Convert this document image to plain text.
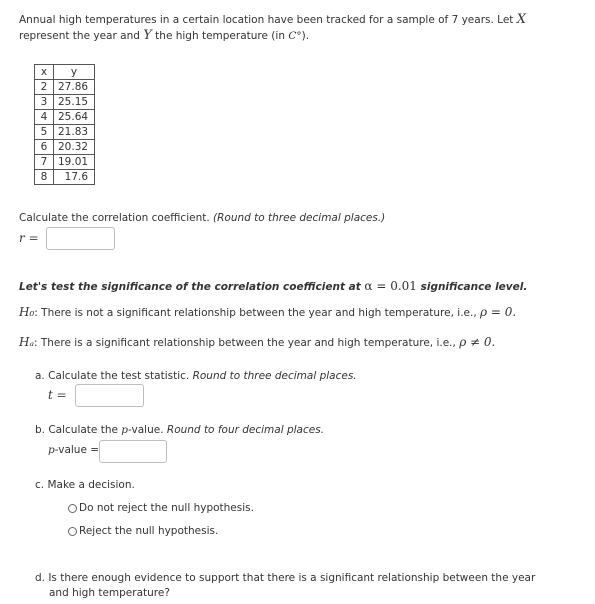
Annual high temperatures in a certain location have been tracked for a sample of 7 years. Let X
represent the year and Y the high temperature (in C°).
x	y
2	27.86
3	25.15
4	25.64
5	21.83
6	20.32
7	19.01
8	17.6
Calculate the correlation coefficient. (Round to three decimal places.)
r =
Let's test the significance of the correlation coefficient at α = 0.01 significance level.
H₀: There is not a significant relationship between the year and high temperature, i.e., ρ = 0.
Hₐ: There is a significant relationship between the year and high temperature, i.e., ρ ≠ 0.
a. Calculate the test statistic. Round to three decimal places.
t =
b. Calculate the p-value. Round to four decimal places.
p-value =
c. Make a decision.
Do not reject the null hypothesis.
Reject the null hypothesis.
d. Is there enough evidence to support that there is a significant relationship between the year
and high temperature?
